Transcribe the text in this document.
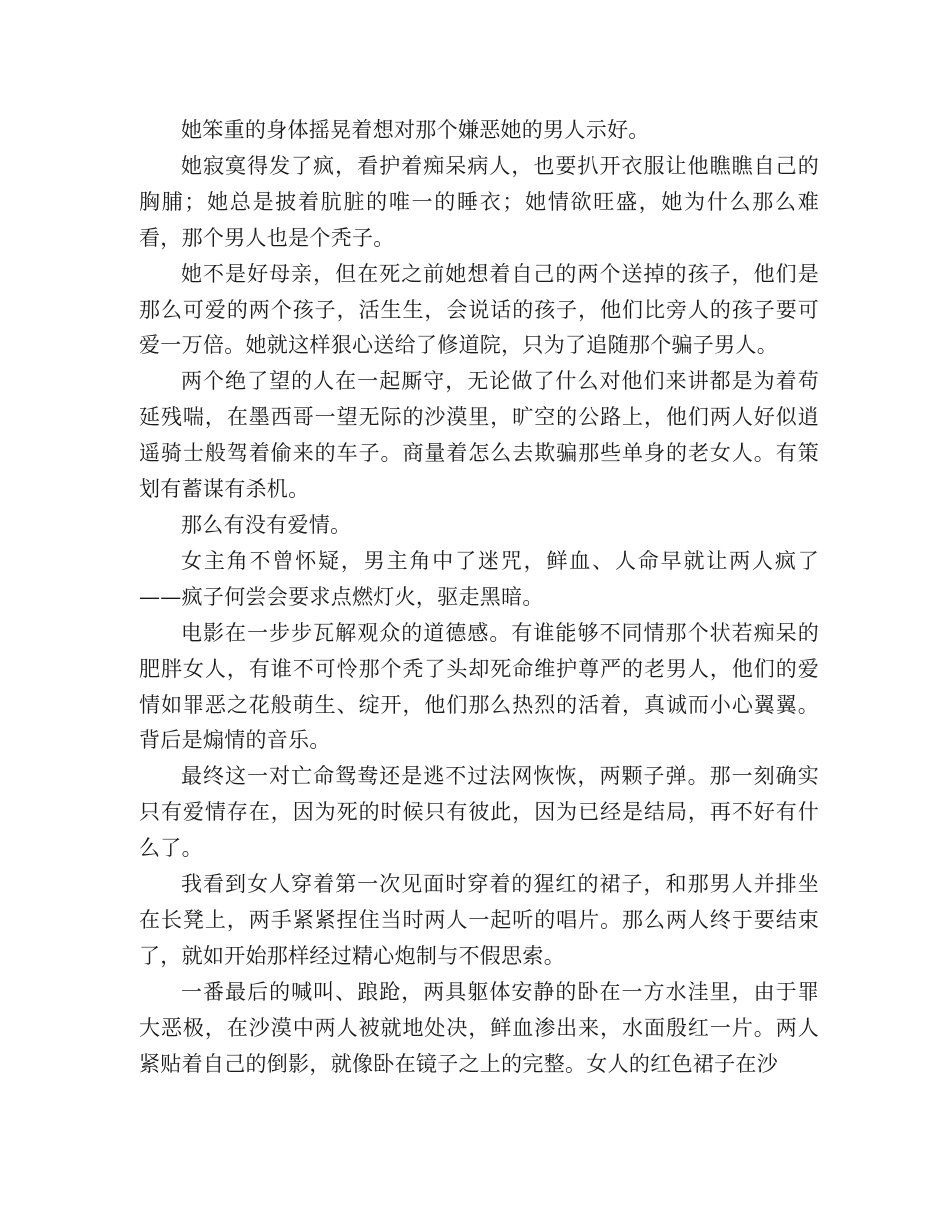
她笨重的身体摇晃着想对那个嫌恶她的男人示好。

她寂寞得发了疯，看护着痴呆病人，也要扒开衣服让他瞧瞧自己的胸脯；她总是披着肮脏的唯一的睡衣；她情欲旺盛，她为什么那么难看，那个男人也是个秃子。

她不是好母亲，但在死之前她想着自己的两个送掉的孩子，他们是那么可爱的两个孩子，活生生，会说话的孩子，他们比旁人的孩子要可爱一万倍。她就这样狠心送给了修道院，只为了追随那个骗子男人。

两个绝了望的人在一起厮守，无论做了什么对他们来讲都是为着苟延残喘，在墨西哥一望无际的沙漠里，旷空的公路上，他们两人好似逍遥骑士般驾着偷来的车子。商量着怎么去欺骗那些单身的老女人。有策划有蓄谋有杀机。

那么有没有爱情。

女主角不曾怀疑，男主角中了迷咒，鲜血、人命早就让两人疯了——疯子何尝会要求点燃灯火，驱走黑暗。

电影在一步步瓦解观众的道德感。有谁能够不同情那个状若痴呆的肥胖女人，有谁不可怜那个秃了头却死命维护尊严的老男人，他们的爱情如罪恶之花般萌生、绽开，他们那么热烈的活着，真诚而小心翼翼。背后是煽情的音乐。

最终这一对亡命鸳鸯还是逃不过法网恢恢，两颗子弹。那一刻确实只有爱情存在，因为死的时候只有彼此，因为已经是结局，再不好有什么了。

我看到女人穿着第一次见面时穿着的猩红的裙子，和那男人并排坐在长凳上，两手紧紧捏住当时两人一起听的唱片。那么两人终于要结束了，就如开始那样经过精心炮制与不假思索。

一番最后的喊叫、踉跄，两具躯体安静的卧在一方水洼里，由于罪大恶极，在沙漠中两人被就地处决，鲜血渗出来，水面殷红一片。两人紧贴着自己的倒影，就像卧在镜子之上的完整。女人的红色裙子在沙
